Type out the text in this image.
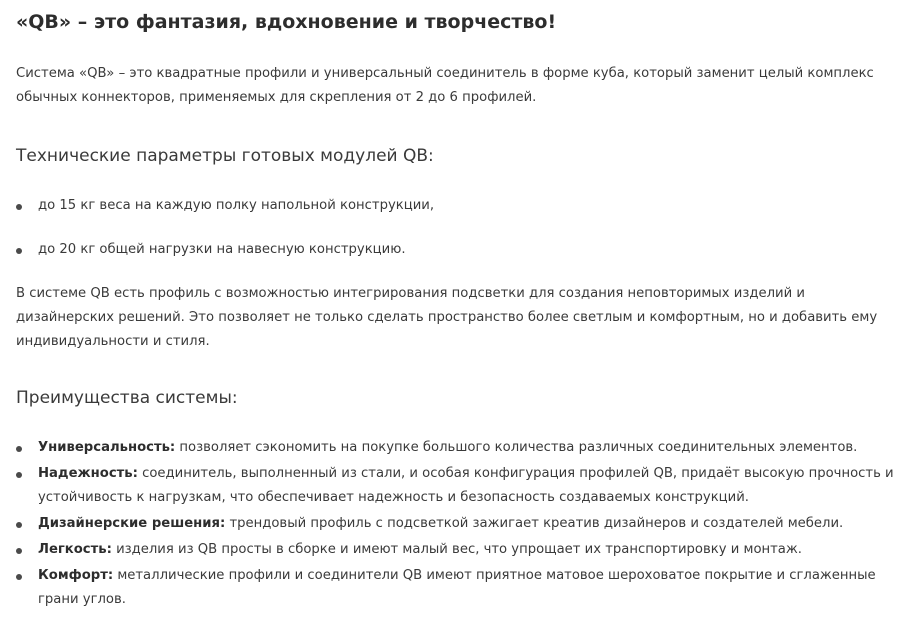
«QB» – это фантазия, вдохновение и творчество!

Система «QB» – это квадратные профили и универсальный соединитель в форме куба, который заменит целый комплекс обычных коннекторов, применяемых для скрепления от 2 до 6 профилей.

Технические параметры готовых модулей QB:
до 15 кг веса на каждую полку напольной конструкции,
до 20 кг общей нагрузки на навесную конструкцию.

В системе QB есть профиль с возможностью интегрирования подсветки для создания неповторимых изделий и дизайнерских решений. Это позволяет не только сделать пространство более светлым и комфортным, но и добавить ему индивидуальности и стиля.

Преимущества системы:
Универсальность: позволяет сэкономить на покупке большого количества различных соединительных элементов.
Надежность: соединитель, выполненный из стали, и особая конфигурация профилей QB, придаёт высокую прочность и устойчивость к нагрузкам, что обеспечивает надежность и безопасность создаваемых конструкций.
Дизайнерские решения: трендовый профиль с подсветкой зажигает креатив дизайнеров и создателей мебели.
Легкость: изделия из QB просты в сборке и имеют малый вес, что упрощает их транспортировку и монтаж.
Комфорт: металлические профили и соединители QB имеют приятное матовое шероховатое покрытие и сглаженные грани углов.
